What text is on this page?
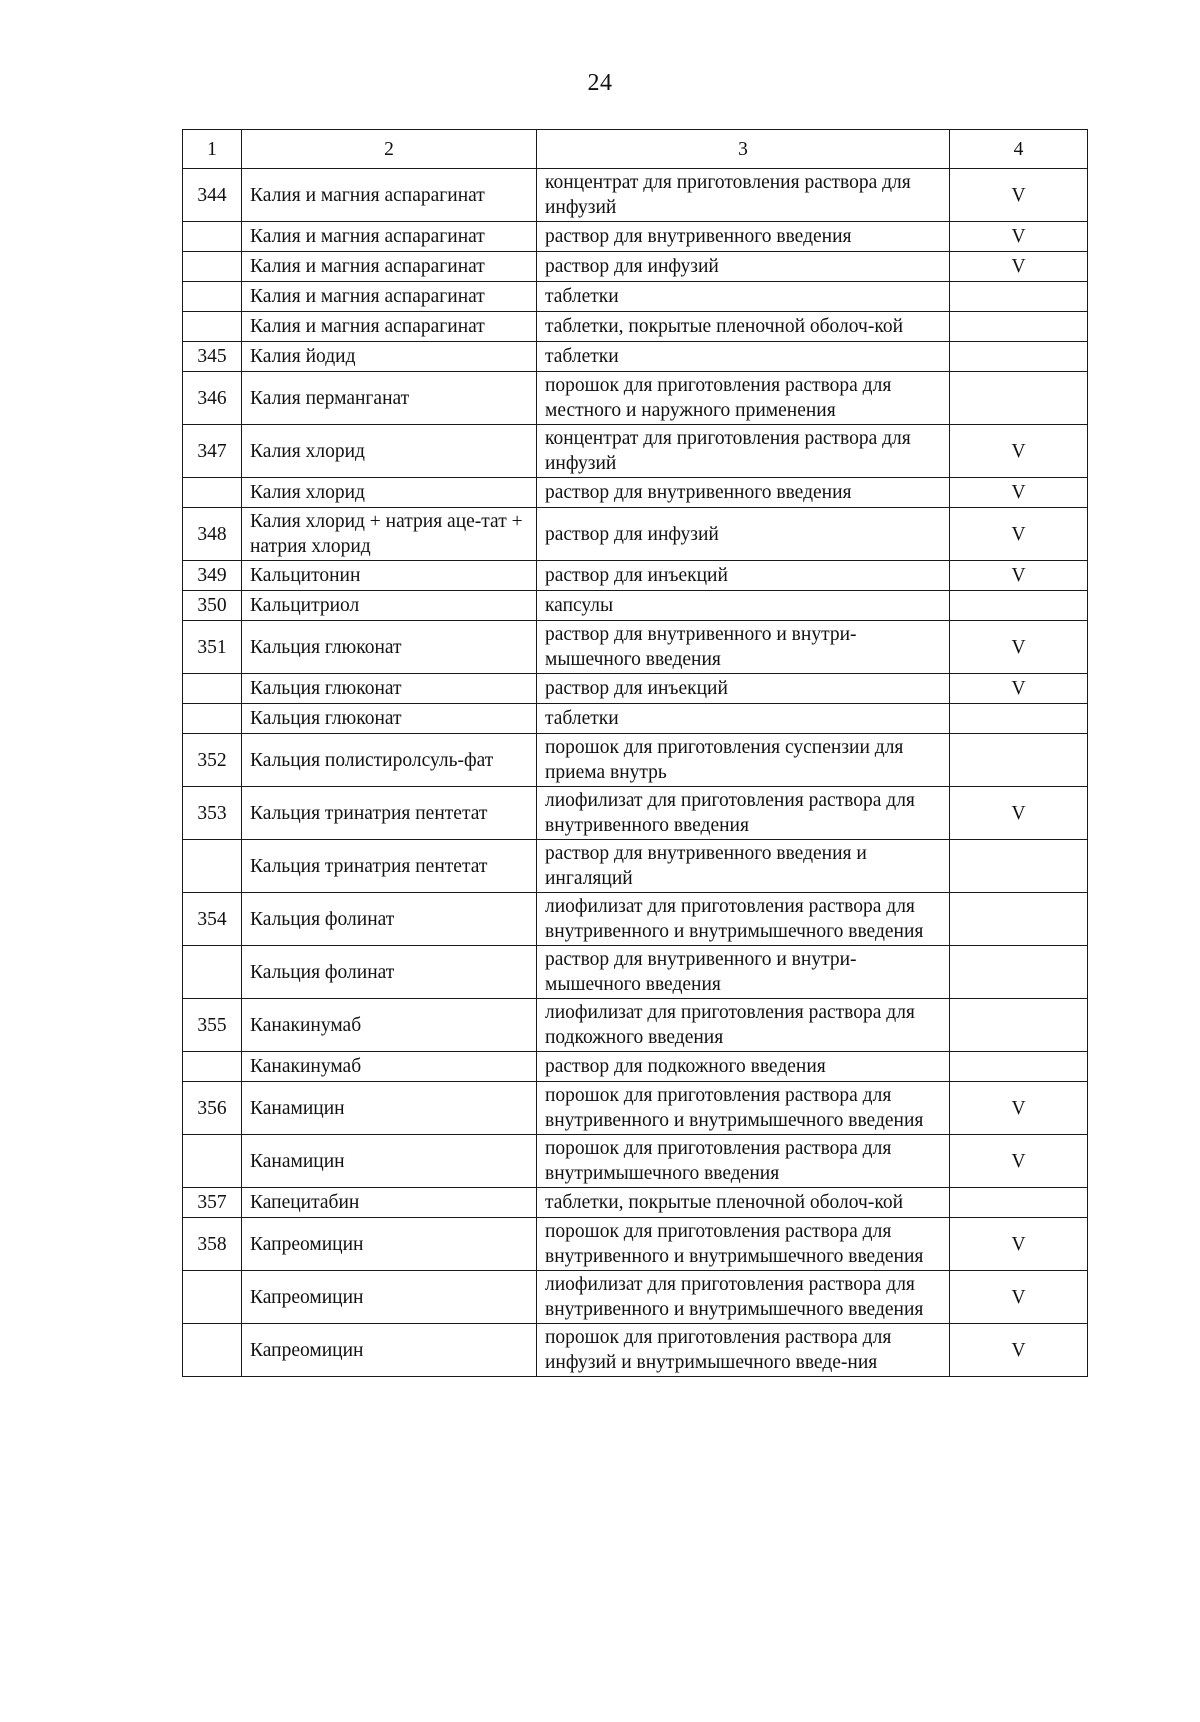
24
1	2	3	4
344	Калия и магния аспарагинат	концентрат для приготовления раствора для инфузий	V
	Калия и магния аспарагинат	раствор для внутривенного введения	V
	Калия и магния аспарагинат	раствор для инфузий	V
	Калия и магния аспарагинат	таблетки	
	Калия и магния аспарагинат	таблетки, покрытые пленочной оболоч-кой	
345	Калия йодид	таблетки	
346	Калия перманганат	порошок для приготовления раствора для местного и наружного применения	
347	Калия хлорид	концентрат для приготовления раствора для инфузий	V
	Калия хлорид	раствор для внутривенного введения	V
348	Калия хлорид + натрия аце-тат + натрия хлорид	раствор для инфузий	V
349	Кальцитонин	раствор для инъекций	V
350	Кальцитриол	капсулы	
351	Кальция глюконат	раствор для внутривенного и внутри-мышечного введения	V
	Кальция глюконат	раствор для инъекций	V
	Кальция глюконат	таблетки	
352	Кальция полистиролсуль-фат	порошок для приготовления суспензии для приема внутрь	
353	Кальция тринатрия пентетат	лиофилизат для приготовления раствора для внутривенного введения	V
	Кальция тринатрия пентетат	раствор для внутривенного введения и ингаляций	
354	Кальция фолинат	лиофилизат для приготовления раствора для внутривенного и внутримышечного введения	
	Кальция фолинат	раствор для внутривенного и внутри-мышечного введения	
355	Канакинумаб	лиофилизат для приготовления раствора для подкожного введения	
	Канакинумаб	раствор для подкожного введения	
356	Канамицин	порошок для приготовления раствора для внутривенного и внутримышечного введения	V
	Канамицин	порошок для приготовления раствора для внутримышечного введения	V
357	Капецитабин	таблетки, покрытые пленочной оболоч-кой	
358	Капреомицин	порошок для приготовления раствора для внутривенного и внутримышечного введения	V
	Капреомицин	лиофилизат для приготовления раствора для внутривенного и внутримышечного введения	V
	Капреомицин	порошок для приготовления раствора для инфузий и внутримышечного введе-ния	V
